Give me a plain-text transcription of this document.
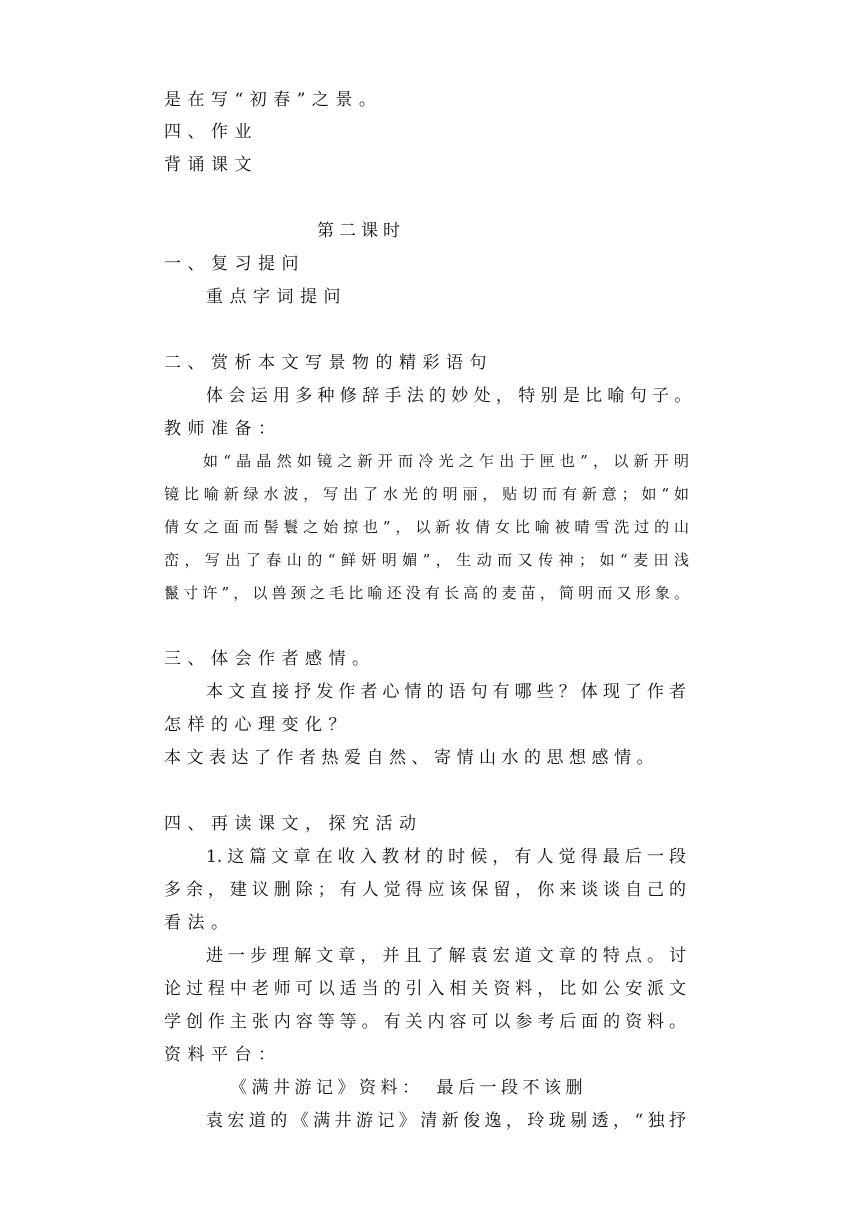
是在写“初春”之景。
四、作业
背诵课文
第二课时
一、复习提问
重点字词提问
二、赏析本文写景物的精彩语句
体会运用多种修辞手法的妙处，特别是比喻句子。
教师准备：
如“晶晶然如镜之新开而冷光之乍出于匣也”，以新开明
镜比喻新绿水波，写出了水光的明丽，贴切而有新意；如“如
倩女之面而髻鬟之始掠也”，以新妆倩女比喻被晴雪洗过的山
峦，写出了春山的“鲜妍明媚”，生动而又传神；如“麦田浅
鬣寸许”，以兽颈之毛比喻还没有长高的麦苗，简明而又形象。
三、体会作者感情。
本文直接抒发作者心情的语句有哪些？体现了作者
怎样的心理变化？
本文表达了作者热爱自然、寄情山水的思想感情。
四、再读课文，探究活动
1.这篇文章在收入教材的时候，有人觉得最后一段
多余，建议删除；有人觉得应该保留，你来谈谈自己的
看法。
进一步理解文章，并且了解袁宏道文章的特点。讨
论过程中老师可以适当的引入相关资料，比如公安派文
学创作主张内容等等。有关内容可以参考后面的资料。
资料平台：
《满井游记》资料：　最后一段不该删
袁宏道的《满井游记》清新俊逸，玲珑剔透，“独抒
